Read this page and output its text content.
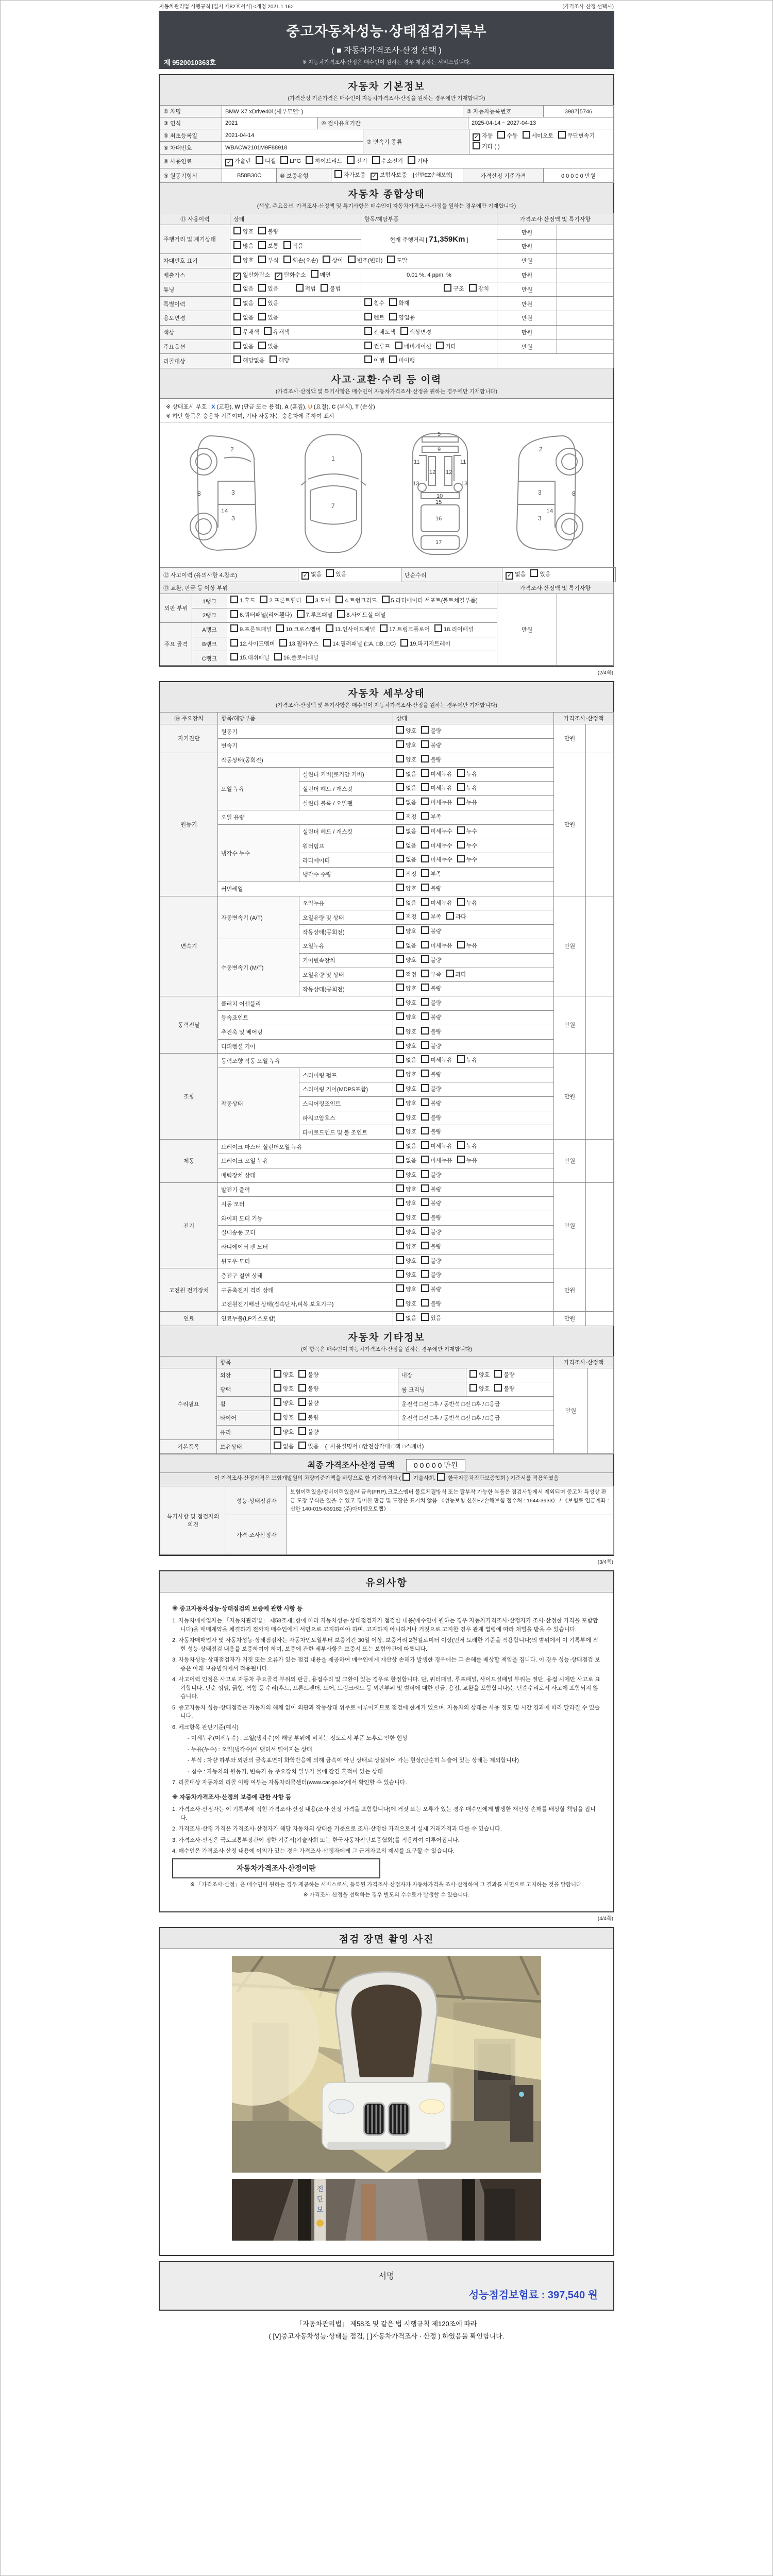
자동차관리법 시행규칙 [별지 제82호서식] <개정 2021.1.16>	(가격조사·산정 선택시)
중고자동차성능·상태점검기록부
( ■ 자동차가격조사·산정 선택 )
※ 자동차가격조사·산정은 매수인이 원하는 경우 제공하는 서비스입니다.
제 9520010363호
자동차 기본정보
(가격산정 기준가격은 매수인이 자동차가격조사·산정을 원하는 경우에만 기재합니다)
① 차명	BMW X7 xDrive40i (세부모델: )	② 자동차등록번호	398거5746
③ 연식	2021	④ 검사유효기간	2025-04-14 ~ 2027-04-13
⑤ 최초등록일	2021-04-14	⑦ 변속기 종류	✓ 자동 수동 세미오토 무단변속기기타 ( )
⑥ 차대번호	WBACW2101M9F88918		
⑧ 사용연료	✓ 가솔린 디젤 LPG 하이브리드 전기 수소전기 기타
⑨ 원동기형식	B58B30C	⑩ 보증유형	자가보증 ✓ 보험사보증 [신한EZ손해보험]	가격산정 기준가격	0 0 0 0 0 만원
자동차 종합상태
(색상, 주요옵션, 가격조사·산정액 및 특기사항은 매수인이 자동차가격조사·산정을 원하는 경우에만 기재합니다)
⑪ 사용이력	상태	항목/해당부품	가격조사·산정액 및 특기사항	
주행거리 및 계기상태	양호 불량	현재 주행거리 [ 71,359Km ]	만원	
	많음 보통 적음		만원	
차대번호 표기	양호 부식 훼손(오손) 상이 변조(변타) 도말		만원	
배출가스	✓ 일산화탄소 ✓ 탄화수소 매연	0.01 %, 4 ppm, %	만원	
튜닝	없음 있음 적법 불법	구조 장치	만원	
특별이력	없음 있음	침수 화재	만원	
용도변경	없음 있음	렌트 영업용	만원	
색상	무채색 유채색	전체도색 색상변경	만원	
주요옵션	없음 있음	썬루프 네비게이션 기타	만원	
리콜대상	해당없음 해당	이행 미이행		
사고·교환·수리 등 이력
(가격조사·산정액 및 특기사항은 매수인이 자동차가격조사·산정을 원하는 경우에만 기재합니다)
※ 상태표시 부호 : X (교환), W (판금 또는 용접), A (흠집), U (요철), C (부식), T (손상)
※ 하단 항목은 승용차 기준이며, 기타 자동차는 승용차에 준하여 표시
2
8	3
14
3
1
7
5
9
11	11
12 12
13	13
10
15
16
17
2
8
3
14
3
⑫ 사고이력 (유의사항 4.참조)	✓ 없음 있음	단순수리	✓ 없음 있음
⑬ 교환, 판금 등 이상 부위			가격조사·산정액 및 특기사항	
외판 부위	1랭크	1.후드 2.프론트휀더 3.도어 4.트렁크리드 5.라디에이터 서포트(볼트체결부품)	만원	
	2랭크	6.쿼터패널(리어휀다) 7.루프패널 8.사이드실 패널		
주요 골격	A랭크	9.프론트패널 10.크로스멤버 11.인사이드패널 17.트렁크플로어 18.리어패널		
	B랭크	12.사이드멤버 13.휠하우스 14.필러패널 (□A, □B, □C) 19.파키지트레이		
	C랭크	15.대쉬패널 16.플로어패널		
(2/4쪽)
자동차 세부상태
(가격조사·산정액 및 특기사항은 매수인이 자동차가격조사·산정을 원하는 경우에만 기재합니다)
⑭ 주요장치	항목/해당부품		상태	가격조사·산정액	
자기진단	원동기		양호 불량	만원	
	변속기		양호 불량		
원동기	작동상태(공회전)		양호 불량	만원	
	오일 누유	실린더 커버(로커암 커버)	없음 미세누유 누유		
		실린더 헤드 / 개스킷	없음 미세누유 누유		
		실린더 블록 / 오일팬	없음 미세누유 누유		
	오일 유량		적정 부족		
	냉각수 누수	실린더 헤드 / 개스킷	없음 미세누수 누수		
		워터펌프	없음 미세누수 누수		
		라디에이터	없음 미세누수 누수		
		냉각수 수량	적정 부족		
	커먼레일		양호 불량		
변속기	자동변속기 (A/T)	오일누유	없음 미세누유 누유	만원	
		오일유량 및 상태	적정 부족 과다		
		작동상태(공회전)	양호 불량		
	수동변속기 (M/T)	오일누유	없음 미세누유 누유		
		기어변속장치	양호 불량		
		오일유량 및 상태	적정 부족 과다		
		작동상태(공회전)	양호 불량		
동력전달	클러치 어셈블리		양호 불량	만원	
	등속죠인트		양호 불량		
	추진축 및 베어링		양호 불량		
	디퍼렌셜 기어		양호 불량		
조향	동력조향 작동 오일 누유		없음 미세누유 누유	만원	
	작동상태	스티어링 펌프	양호 불량		
		스티어링 기어(MDPS포함)	양호 불량		
		스티어링조인트	양호 불량		
		파워고압호스	양호 불량		
		타이로드엔드 및 볼 조인트	양호 불량		
제동	브레이크 마스터 실린더오일 누유		없음 미세누유 누유	만원	
	브레이크 오일 누유		없음 미세누유 누유		
	배력장치 상태		양호 불량		
전기	발전기 출력		양호 불량	만원	
	시동 모터		양호 불량		
	와이퍼 모터 기능		양호 불량		
	실내송풍 모터		양호 불량		
	라디에이터 팬 모터		양호 불량		
	윈도우 모터		양호 불량		
고전원 전기장치	충전구 절연 상태		양호 불량	만원	
	구동축전지 격리 상태		양호 불량		
	고전원전기배선 상태(접속단자,피복,보호기구)		양호 불량		
연료	연료누출(LP가스포함)		없음 있음	만원	
자동차 기타정보
(이 항목은 매수인이 자동차가격조사·산정을 원하는 경우에만 기재합니다)
	항목				가격조사·산정액	
수리필요	외장	양호 불량	내장	양호 불량	만원	
	광택	양호 불량	룸 크리닝	양호 불량		
	휠	양호 불량	운전석 □전 □후 / 동반석 □전 □후 / □응급			
	타이어	양호 불량	운전석 □전 □후 / 동반석 □전 □후 / □응급			
	유리	양호 불량				
기본품목	보유상태	없음 있음 (□사용설명서 □안전삼각대 □잭 □스패너)				
최종 가격조사·산정 금액	0 0 0 0 0 만원
이 가격조사·산정가격은 보험개발원의 차량기준가액을 바탕으로 한 기준가격과 (  기술사회,  한국자동차진단보증협회 ) 기준서를 적용하였음
특기사항 및 점검자의 의견	성능·상태점검자	보험이력있음/정비이력있음/비금속(FRP),크로스멤버 볼트체결방식 또는 탈부착 가능한 부품은 점검사항에서 제외되며 중고차 특성상 판금 도장 부식은 있을 수 있고 경미한 판금 및 도장은 표기치 않음 《성능보험 신한EZ손해보험 접수처 : 1644-3933》 / 《보험료 입금계좌 : 신한 140-015-639182 (주)아이엠오토랩》
	가격·조사산정자	
(3/4쪽)
유의사항
※ 중고자동차성능·상태점검의 보증에 관한 사항 등
1. 자동차매매업자는 「자동차관리법」 제58조제1항에 따라 자동차성능·상태점검자가 점검한 내용(매수인이 원하는 경우 자동차가격조사·산정자가 조사·산정한 가격을 포함합니다)을 매매계약을 체결하기 전까지 매수인에게 서면으로 고지하여야 하며, 고지하지 아니하거나 거짓으로 고지한 경우 관계 법령에 따라 처벌을 받을 수 있습니다.
2. 자동차매매업자 및 자동차성능·상태점검자는 자동차인도일부터 보증기간 30일 이상, 보증거리 2천킬로미터 이상(먼저 도래한 기준을 적용합니다)의 범위에서 이 기록부에 적힌 성능·상태점검 내용을 보증하여야 하며, 보증에 관한 세부사항은 보증서 또는 보험약관에 따릅니다.
3. 자동차성능·상태점검자가 거짓 또는 오류가 있는 점검 내용을 제공하여 매수인에게 재산상 손해가 발생한 경우에는 그 손해를 배상할 책임을 집니다. 이 경우 성능·상태점검 보증은 아래 보증범위에서 적용됩니다.
4. 사고이력 인정은 사고로 자동차 주요골격 부위의 판금, 용접수리 및 교환이 있는 경우로 한정합니다. 단, 쿼터패널, 루프패널, 사이드실패널 부위는 절단, 용접 시에만 사고로 표기합니다. 단순 꺾임, 긁힘, 찍힘 등 수리(후드, 프론트펜더, 도어, 트렁크리드 등 외판부위 및 범퍼에 대한 판금, 용접, 교환을 포함합니다)는 단순수리로서 사고에 포함되지 않습니다.
5. 중고자동차 성능·상태점검은 자동차의 해체 없이 외관과 작동상태 위주로 이루어지므로 점검에 한계가 있으며, 자동차의 상태는 사용 정도 및 시간 경과에 따라 달라질 수 있습니다.
6. 체크항목 판단기준(예시)
- 미세누유(미세누수) : 오일(냉각수)이 해당 부위에 비치는 정도로서 부품 노후로 인한 현상
- 누유(누수) : 오일(냉각수)이 맺혀서 떨어지는 상태
- 부식 : 차량 하부와 외판의 금속표면이 화학반응에 의해 금속이 아닌 상태로 상실되어 가는 현상(단순히 녹슬어 있는 상태는 제외합니다)
- 침수 : 자동차의 원동기, 변속기 등 주요장치 일부가 물에 잠긴 흔적이 있는 상태
7. 리콜대상 자동차의 리콜 이행 여부는 자동차리콜센터(www.car.go.kr)에서 확인할 수 있습니다.
※ 자동차가격조사·산정의 보증에 관한 사항 등
1. 가격조사·산정자는 이 기록부에 적힌 가격조사·산정 내용(조사·산정 가격을 포함합니다)에 거짓 또는 오류가 있는 경우 매수인에게 발생한 재산상 손해를 배상할 책임을 집니다.
2. 가격조사·산정 가격은 가격조사·산정자가 해당 자동차의 상태를 기준으로 조사·산정한 가격으로서 실제 거래가격과 다를 수 있습니다.
3. 가격조사·산정은 국토교통부장관이 정한 기준서(기술사회 또는 한국자동차진단보증협회)를 적용하여 이루어집니다.
4. 매수인은 가격조사·산정 내용에 이의가 있는 경우 가격조사·산정자에게 그 근거자료의 제시를 요구할 수 있습니다.
자동차가격조사·산정이란
※ 「가격조사·산정」은 매수인이 원하는 경우 제공하는 서비스로서, 등록된 가격조사·산정자가 자동차가격을 조사·산정하여 그 결과를 서면으로 고지하는 것을 말합니다.
※ 가격조사·산정을 선택하는 경우 별도의 수수료가 발생할 수 있습니다.
(4/4쪽)
점검 장면 촬영 사진
진
단
보
서명
성능점검보험료 : 397,540 원
「자동차관리법」 제58조 및 같은 법 시행규칙 제120조에 따라
( [V]중고자동차성능·상태를 점검, [ ]자동차가격조사 · 산정 ) 하였음을 확인합니다.
